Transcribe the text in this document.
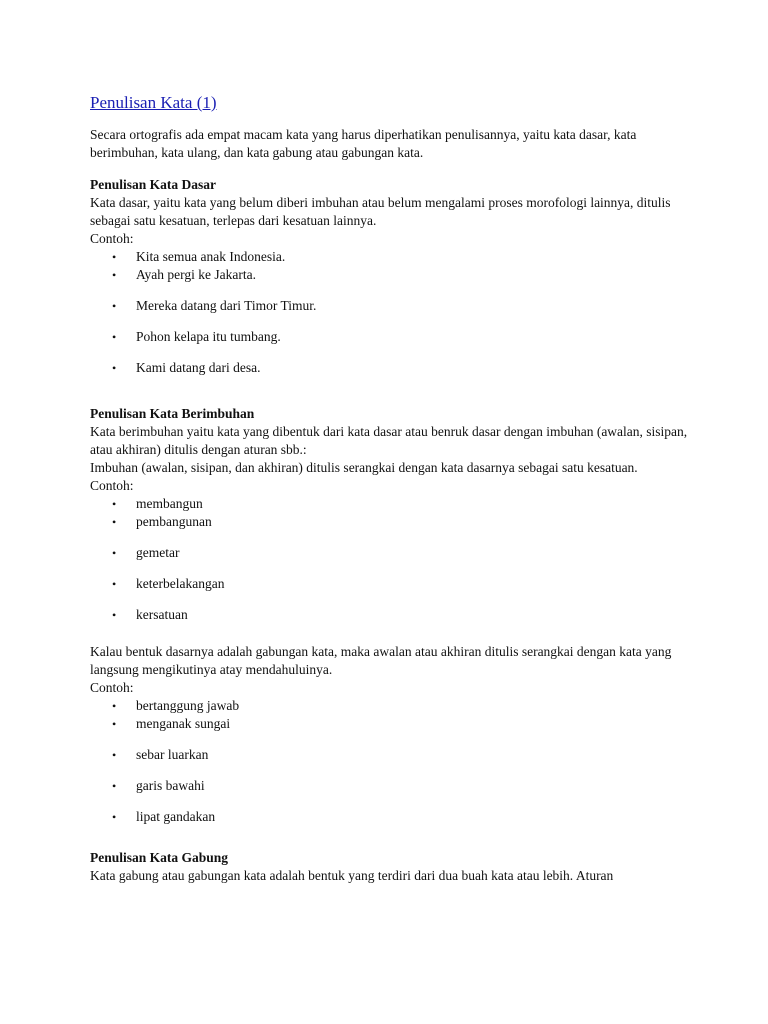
Penulisan Kata (1)

Secara ortografis ada empat macam kata yang harus diperhatikan penulisannya, yaitu kata dasar, kata berimbuhan, kata ulang, dan kata gabung atau gabungan kata.

Penulisan Kata Dasar

Kata dasar, yaitu kata yang belum diberi imbuhan atau belum mengalami proses morofologi lainnya, ditulis sebagai satu kesatuan, terlepas dari kesatuan lainnya.

Contoh:

• Kita semua anak Indonesia.
• Ayah pergi ke Jakarta.
• Mereka datang dari Timor Timur.
• Pohon kelapa itu tumbang.
• Kami datang dari desa.

Penulisan Kata Berimbuhan

Kata berimbuhan yaitu kata yang dibentuk dari kata dasar atau benruk dasar dengan imbuhan (awalan, sisipan, atau akhiran) ditulis dengan aturan sbb.:

Imbuhan (awalan, sisipan, dan akhiran) ditulis serangkai dengan kata dasarnya sebagai satu kesatuan.

Contoh:

• membangun
• pembangunan
• gemetar
• keterbelakangan
• kersatuan

Kalau bentuk dasarnya adalah gabungan kata, maka awalan atau akhiran ditulis serangkai dengan kata yang langsung mengikutinya atay mendahuluinya.

Contoh:

• bertanggung jawab
• menganak sungai
• sebar luarkan
• garis bawahi
• lipat gandakan

Penulisan Kata Gabung

Kata gabung atau gabungan kata adalah bentuk yang terdiri dari dua buah kata atau lebih. Aturan
